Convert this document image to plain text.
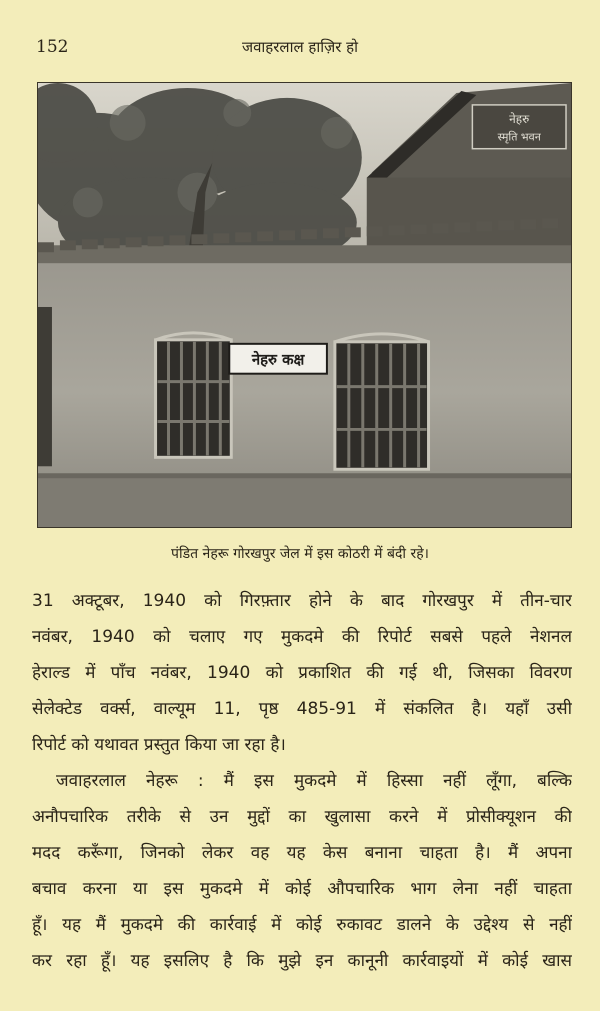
152	जवाहरलाल हाज़िर हो
नेहरु
स्मृति भवन
नेहरु कक्ष
पंडित नेहरू गोरखपुर जेल में इस कोठरी में बंदी रहे।
31 अक्टूबर, 1940 को गिरफ़्तार होने के बाद गोरखपुर में तीन-चार
नवंबर, 1940 को चलाए गए मुकदमे की रिपोर्ट सबसे पहले नेशनल
हेराल्ड में पाँच नवंबर, 1940 को प्रकाशित की गई थी, जिसका विवरण
सेलेक्टेड वर्क्स, वाल्यूम 11, पृष्ठ 485-91 में संकलित है। यहाँ उसी
रिपोर्ट को यथावत प्रस्तुत किया जा रहा है।
जवाहरलाल नेहरू : मैं इस मुकदमे में हिस्सा नहीं लूँगा, बल्कि
अनौपचारिक तरीके से उन मुद्दों का खुलासा करने में प्रोसीक्यूशन की
मदद करूँगा, जिनको लेकर वह यह केस बनाना चाहता है। मैं अपना
बचाव करना या इस मुकदमे में कोई औपचारिक भाग लेना नहीं चाहता
हूँ। यह मैं मुकदमे की कार्रवाई में कोई रुकावट डालने के उद्देश्य से नहीं
कर रहा हूँ। यह इसलिए है कि मुझे इन कानूनी कार्रवाइयों में कोई खास
